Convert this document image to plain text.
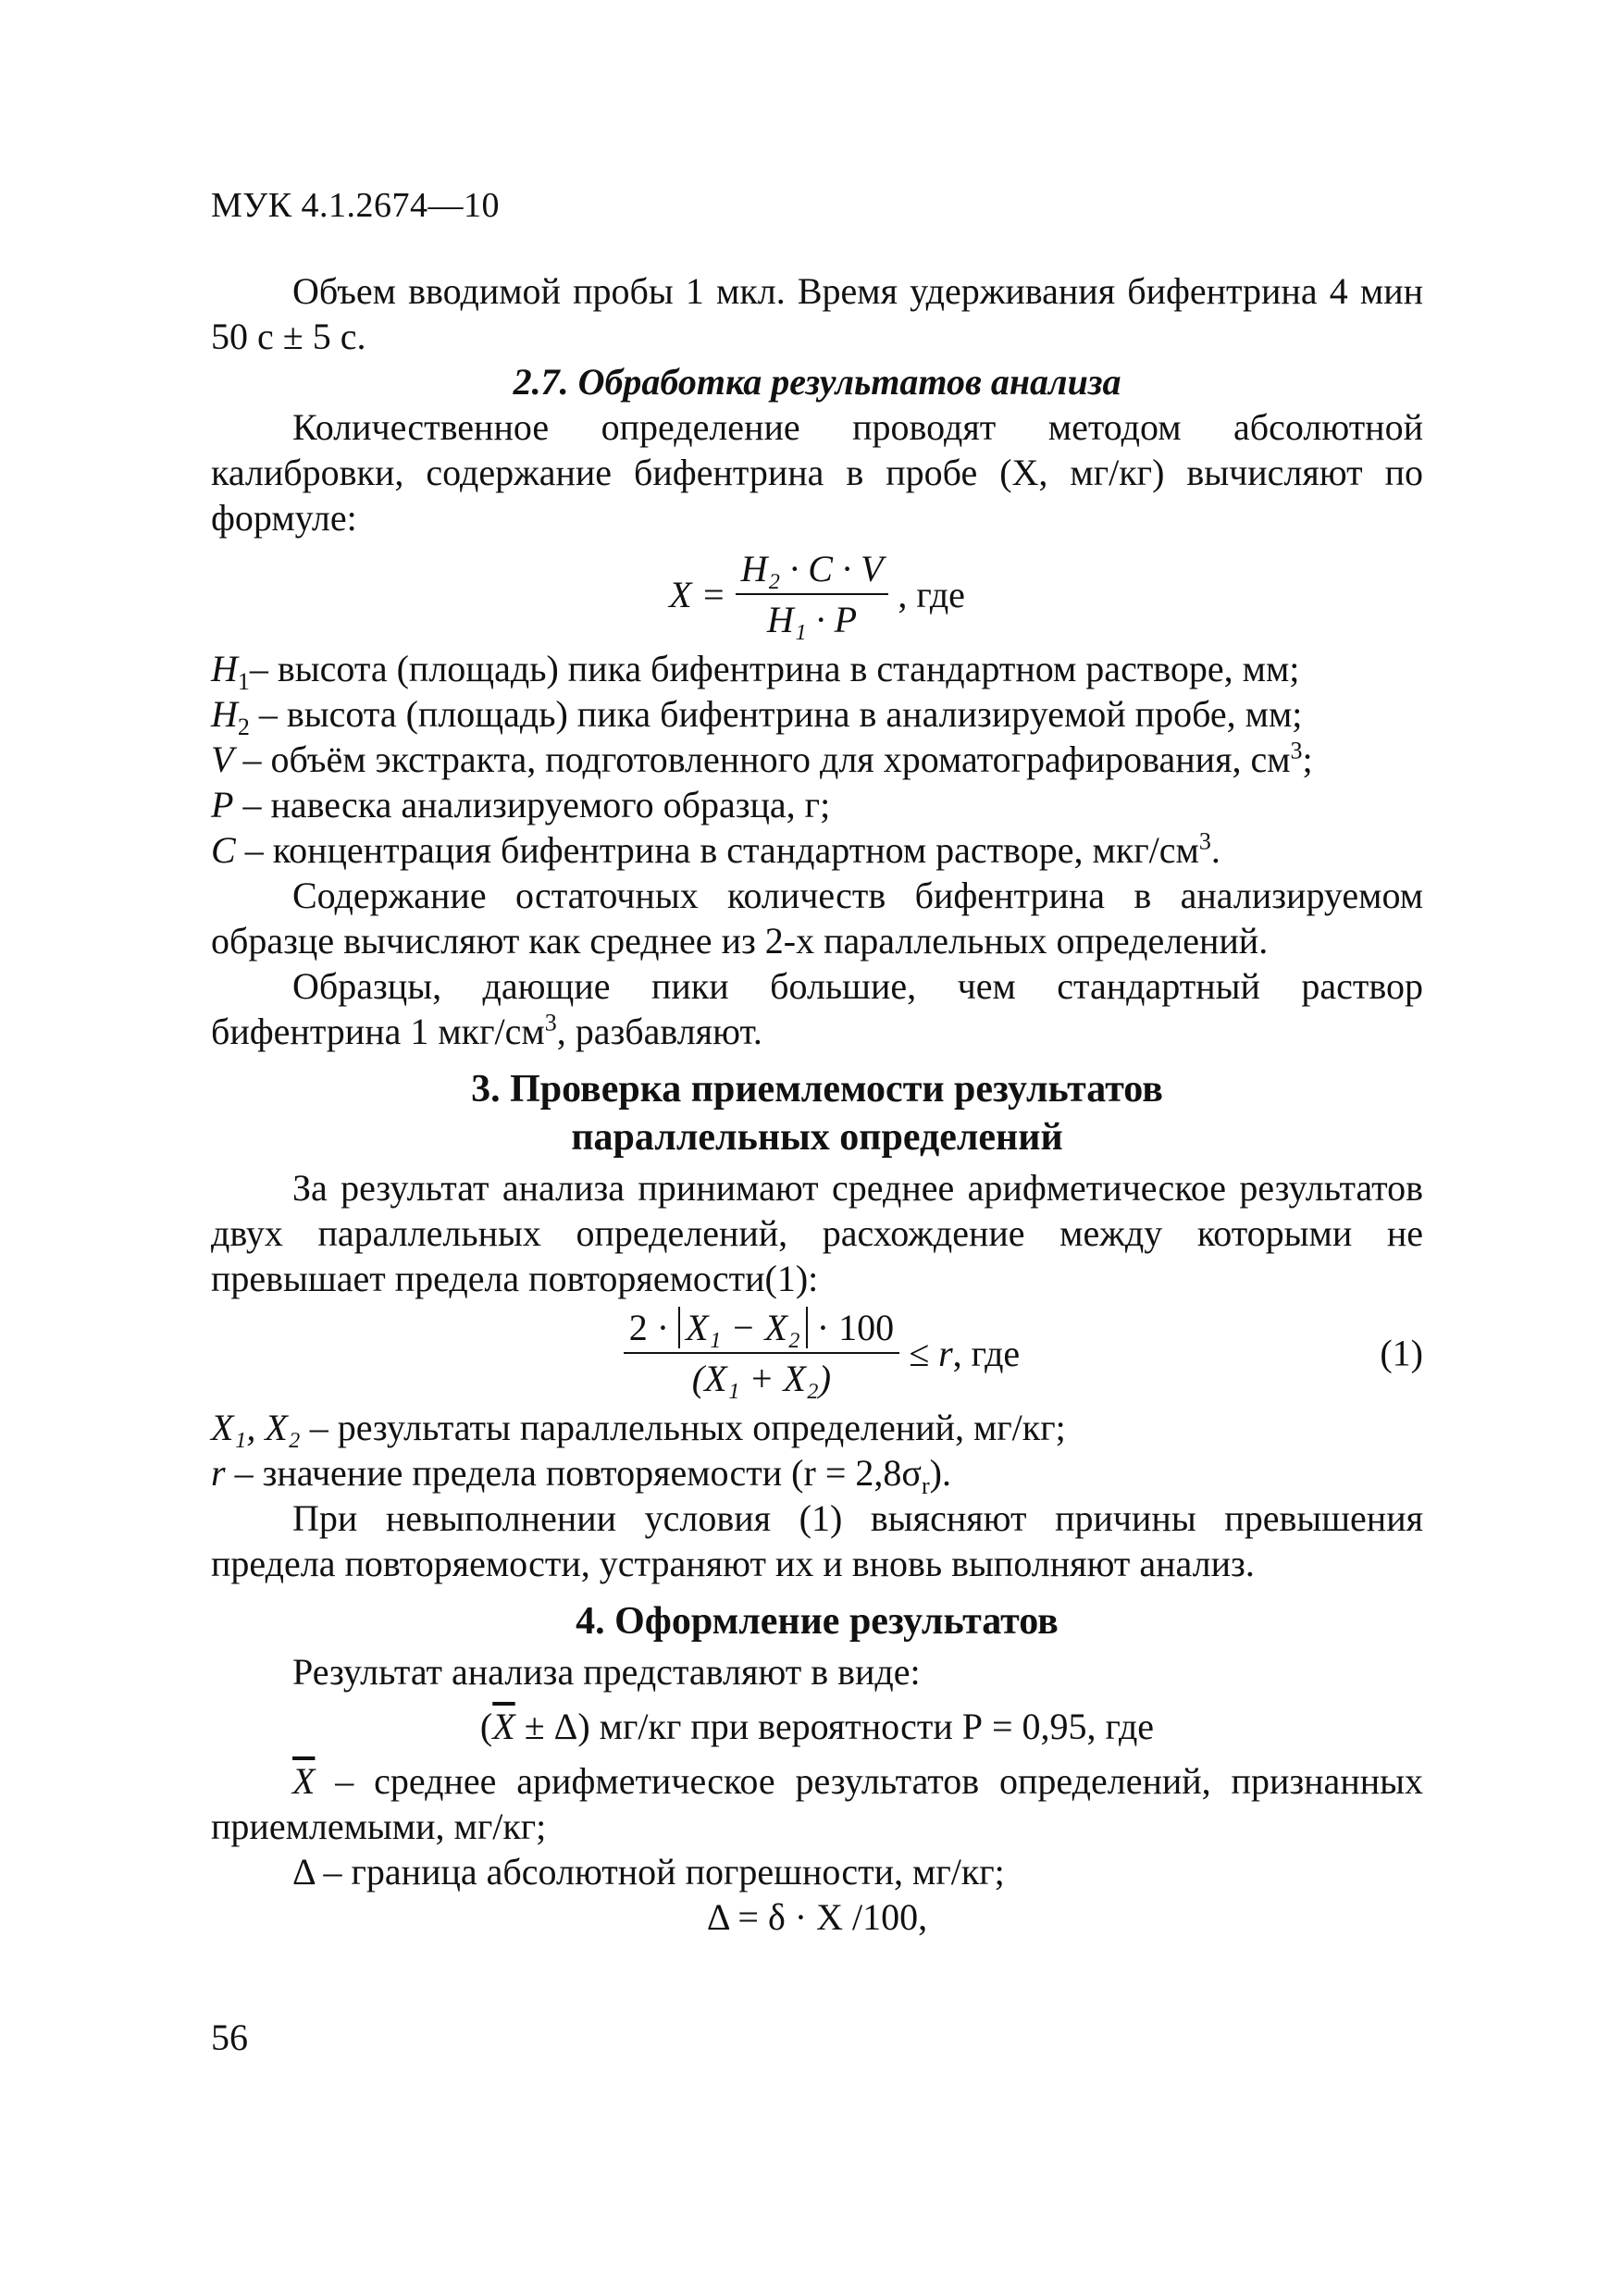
МУК 4.1.2674—10

Объем вводимой пробы 1 мкл. Время удерживания бифентрина 4 мин 50 с ± 5 с.

2.7. Обработка результатов анализа

Количественное определение проводят методом абсолютной калибровки, содержание бифентрина в пробе (X, мг/кг) вычисляют по формуле:

$X = \frac{\text{H₂ · C · V}}{\text{H₁ · P}}$ , где

$H_1-$ высота (площадь) пика бифентрина в стандартном растворе, мм;

$H_2$ – высота (площадь) пика бифентрина в анализируемой пробе, мм;

V – объём экстракта, подготовленного для хроматографирования, $см^3$;

P – навеска анализируемого образца, г;

C – концентрация бифентрина в стандартном растворе, мкг/$см^3$.

Содержание остаточных количеств бифентрина в анализируемом образце вычисляют как среднее из 2-х параллельных определений.

Образцы, дающие пики большие, чем стандартный раствор бифентрина 1 мкг/$см^3$, разбавляют.

3. Проверка приемлемости результатов
параллельных определений

За результат анализа принимают среднее арифметическое результатов двух параллельных определений, расхождение между которыми не превышает предела повторяемости(1):

$\frac{\text{2 · X₁ − X₂ · 100}}{\text{(X₁ + X₂)}} \le r$ , где	(1)

X₁, X₂ – результаты параллельных определений, мг/кг;

r – значение предела повторяемости $(r = 2,8\sigma_r)$.

При невыполнении условия (1) выясняют причины превышения предела повторяемости, устраняют их и вновь выполняют анализ.

4. Оформление результатов

Результат анализа представляют в виде:

$(\overline{X} \pm \Delta)$ мг/кг при вероятности Р = 0,95, где

$\overline{X}$ – среднее арифметическое результатов определений, признанных приемлемыми, мг/кг;

Δ – граница абсолютной погрешности, мг/кг;

Δ = δ · Х /100,

56
